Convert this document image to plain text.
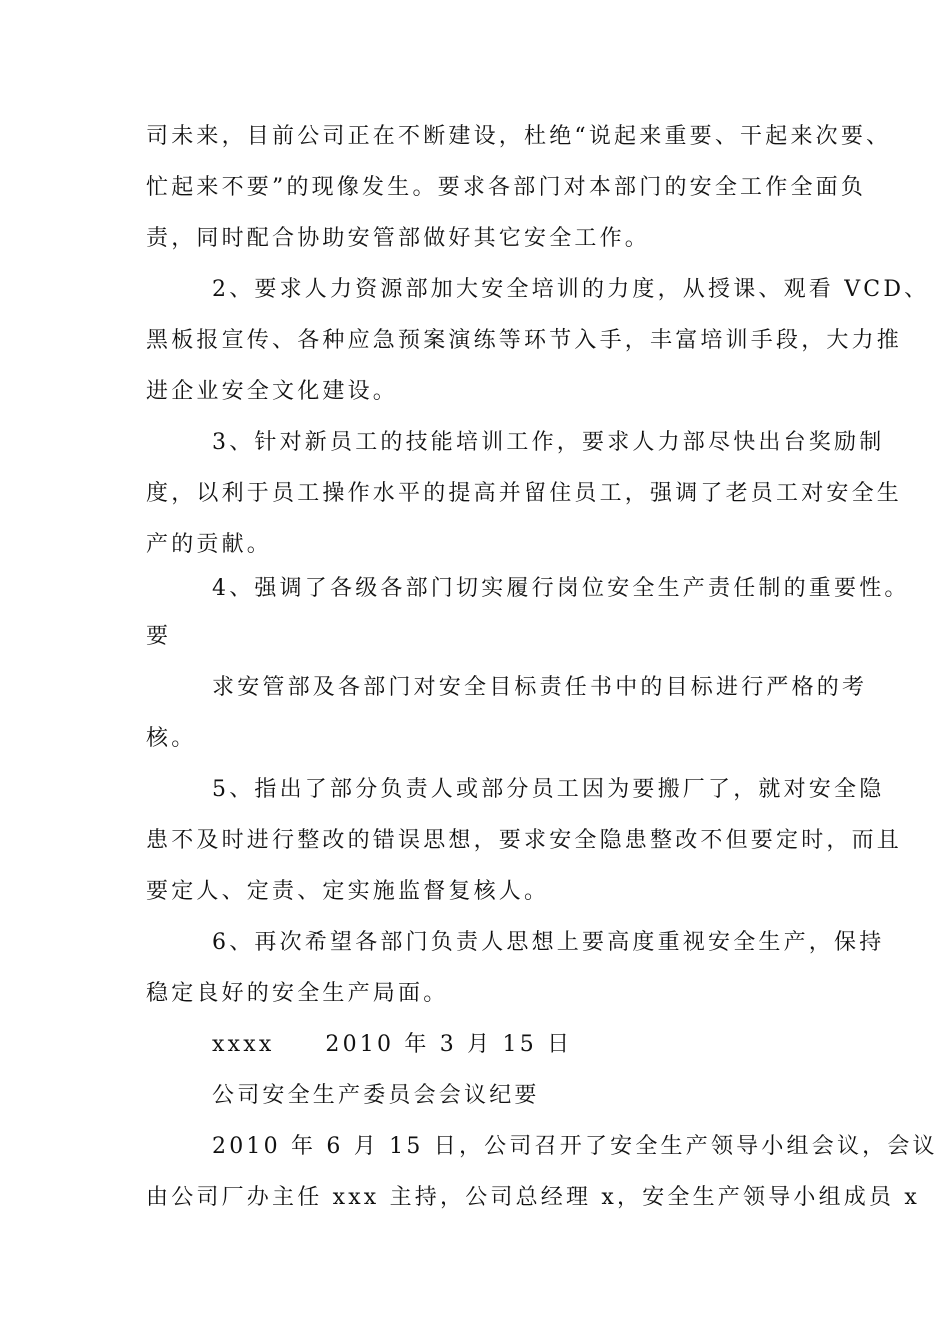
司未来，目前公司正在不断建设，杜绝“说起来重要、干起来次要、
忙起来不要”的现像发生。要求各部门对本部门的安全工作全面负
责，同时配合协助安管部做好其它安全工作。
2、要求人力资源部加大安全培训的力度，从授课、观看 VCD、
黑板报宣传、各种应急预案演练等环节入手，丰富培训手段，大力推
进企业安全文化建设。
3、针对新员工的技能培训工作，要求人力部尽快出台奖励制
度，以利于员工操作水平的提高并留住员工，强调了老员工对安全生
产的贡献。
4、强调了各级各部门切实履行岗位安全生产责任制的重要性。
要
求安管部及各部门对安全目标责任书中的目标进行严格的考
核。
5、指出了部分负责人或部分员工因为要搬厂了，就对安全隐
患不及时进行整改的错误思想，要求安全隐患整改不但要定时，而且
要定人、定责、定实施监督复核人。
6、再次希望各部门负责人思想上要高度重视安全生产，保持
稳定良好的安全生产局面。
xxxx     2010 年 3 月 15 日
公司安全生产委员会会议纪要
2010 年 6 月 15 日，公司召开了安全生产领导小组会议，会议
由公司厂办主任 xxx 主持，公司总经理 x，安全生产领导小组成员 x
